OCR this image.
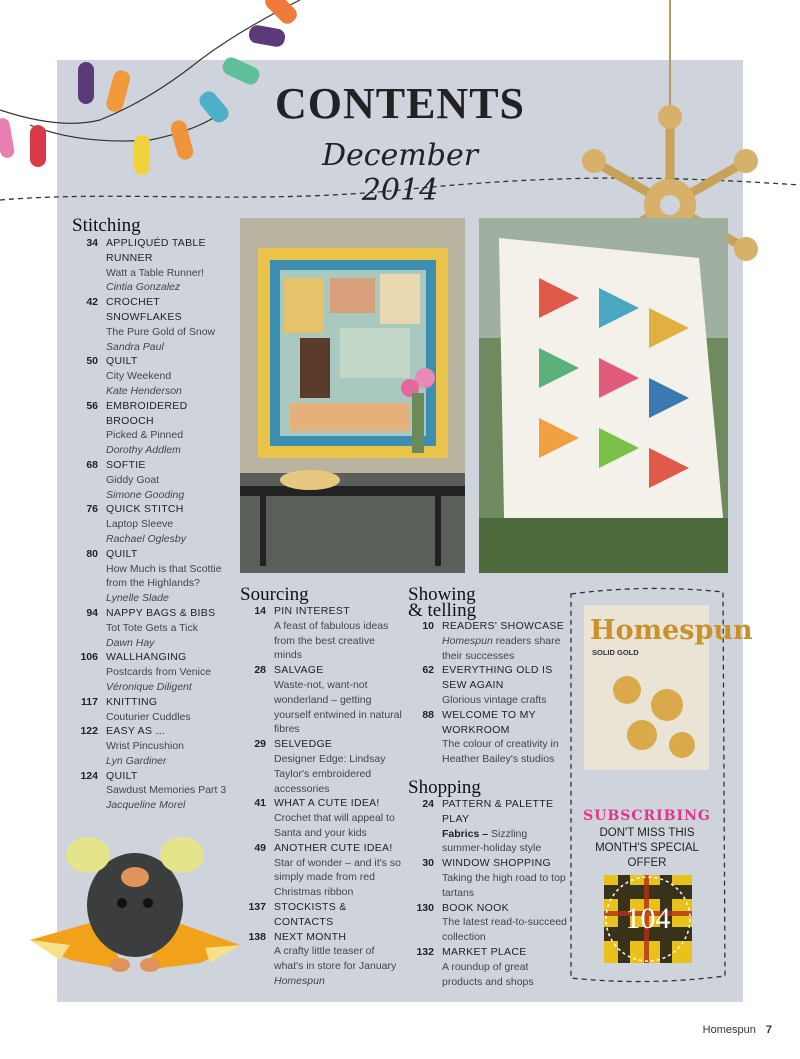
CONTENTS
December 2014
Stitching
34 APPLIQUÉD TABLE RUNNER
Watt a Table Runner!
Cintia Gonzalez
42 CROCHET SNOWFLAKES
The Pure Gold of Snow
Sandra Paul
50 QUILT
City Weekend
Kate Henderson
56 EMBROIDERED BROOCH
Picked & Pinned
Dorothy Addlem
68 SOFTIE
Giddy Goat
Simone Gooding
76 QUICK STITCH
Laptop Sleeve
Rachael Oglesby
80 QUILT
How Much is that Scottie from the Highlands?
Lynelle Slade
94 NAPPY BAGS & BIBS
Tot Tote Gets a Tick
Dawn Hay
106 WALLHANGING
Postcards from Venice
Véronique Diligent
117 KNITTING
Couturier Cuddles
122 EASY AS ...
Wrist Pincushion
Lyn Gardiner
124 QUILT
Sawdust Memories Part 3
Jacqueline Morel
Sourcing
14 PIN INTEREST
A feast of fabulous ideas from the best creative minds
28 SALVAGE
Waste-not, want-not wonderland – getting yourself entwined in natural fibres
29 SELVEDGE
Designer Edge: Lindsay Taylor's embroidered accessories
41 WHAT A CUTE IDEA!
Crochet that will appeal to Santa and your kids
49 ANOTHER CUTE IDEA!
Star of wonder – and it's so simply made from red Christmas ribbon
137 STOCKISTS & CONTACTS
138 NEXT MONTH
A crafty little teaser of what's in store for January Homespun
Showing
& telling
10 READERS' SHOWCASE
Homespun readers share their successes
62 EVERYTHING OLD IS SEW AGAIN
Glorious vintage crafts
88 WELCOME TO MY WORKROOM
The colour of creativity in Heather Bailey's studios
Shopping
24 PATTERN & PALETTE PLAY
Fabrics – Sizzling summer-holiday style
30 WINDOW SHOPPING
Taking the high road to top tartans
130 BOOK NOOK
The latest read-to-succeed collection
132 MARKET PLACE
A roundup of great products and shops
Homespun
SOLID GOLD
SUBSCRIBING
DON'T MISS THIS
MONTH'S SPECIAL
OFFER
104
Homespun 7
